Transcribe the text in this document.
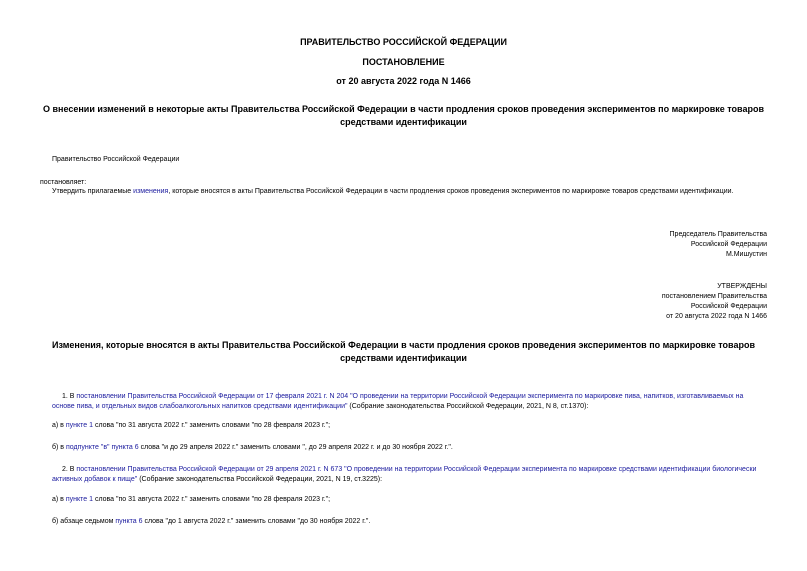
ПРАВИТЕЛЬСТВО РОССИЙСКОЙ ФЕДЕРАЦИИ
ПОСТАНОВЛЕНИЕ
от 20 августа 2022 года N 1466
О внесении изменений в некоторые акты Правительства Российской Федерации в части продления сроков проведения экспериментов по маркировке товаров
средствами идентификации
Правительство Российской Федерации
постановляет:
Утвердить прилагаемые изменения, которые вносятся в акты Правительства Российской Федерации в части продления сроков проведения экспериментов по маркировке товаров средствами идентификации.
Председатель Правительства
Российской Федерации
М.Мишустин
УТВЕРЖДЕНЫ
постановлением Правительства
Российской Федерации
от 20 августа 2022 года N 1466
Изменения, которые вносятся в акты Правительства Российской Федерации в части продления сроков проведения экспериментов по маркировке товаров
средствами идентификации
1. В постановлении Правительства Российской Федерации от 17 февраля 2021 г. N 204 "О проведении на территории Российской Федерации эксперимента по маркировке пива, напитков, изготавливаемых на
основе пива, и отдельных видов слабоалкогольных напитков средствами идентификации" (Собрание законодательства Российской Федерации, 2021, N 8, ст.1370):
а) в пункте 1 слова "по 31 августа 2022 г." заменить словами "по 28 февраля 2023 г.";
б) в подпункте "в" пункта 6 слова "и до 29 апреля 2022 г." заменить словами ", до 29 апреля 2022 г. и до 30 ноября 2022 г.".
2. В постановлении Правительства Российской Федерации от 29 апреля 2021 г. N 673 "О проведении на территории Российской Федерации эксперимента по маркировке средствами идентификации биологически
активных добавок к пище" (Собрание законодательства Российской Федерации, 2021, N 19, ст.3225):
а) в пункте 1 слова "по 31 августа 2022 г." заменить словами "по 28 февраля 2023 г.";
б) абзаце седьмом пункта 6 слова "до 1 августа 2022 г." заменить словами "до 30 ноября 2022 г.".
